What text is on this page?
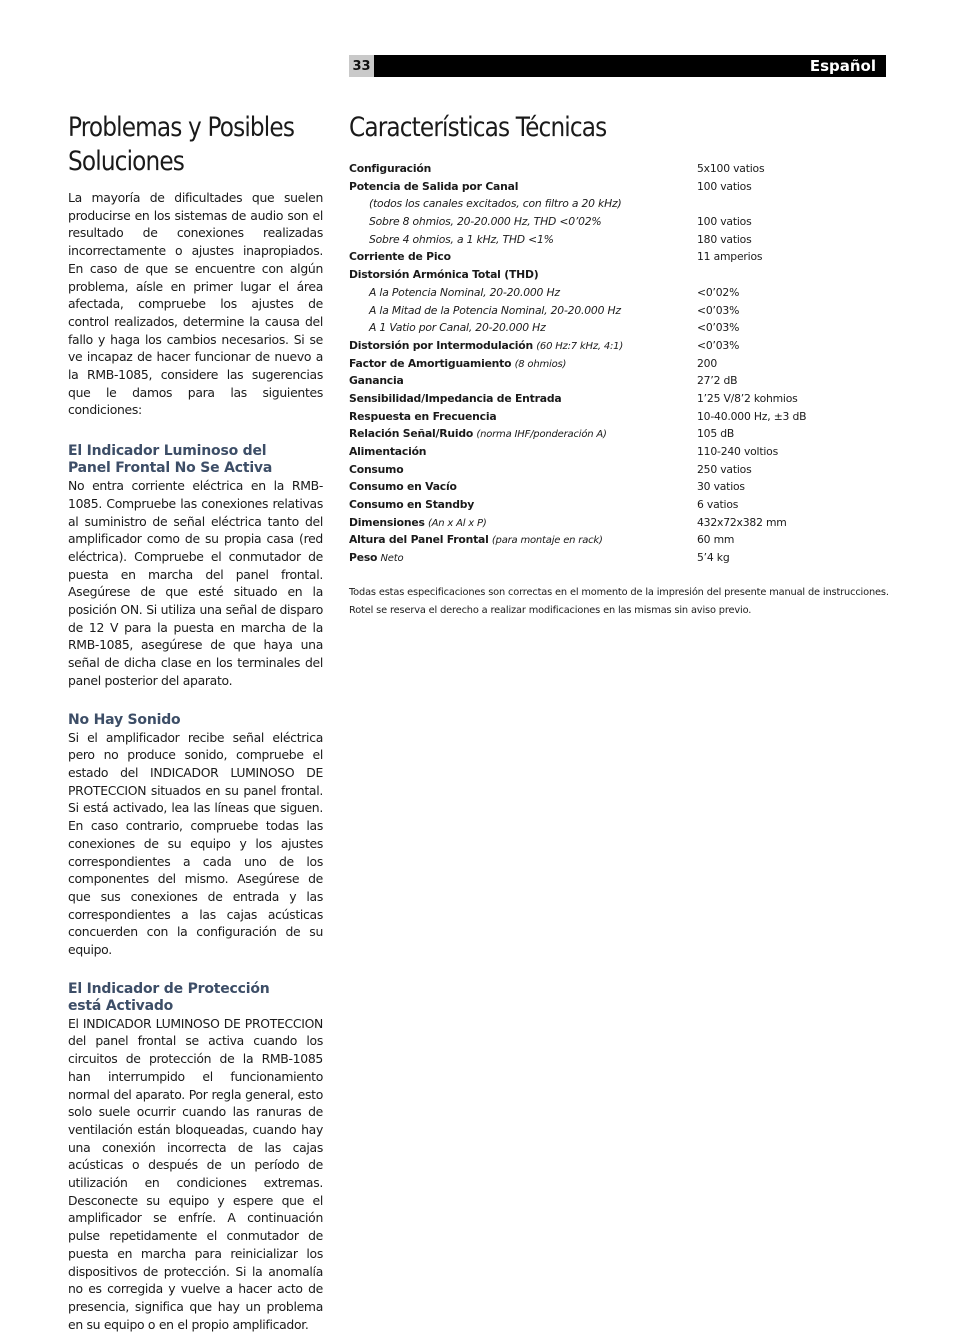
33	Español
Problemas y Posibles
Soluciones
Características Técnicas

La mayoría de dificultades que suelen producirse en los sistemas de audio son el resultado de conexiones realizadas incorrectamente o ajustes inapropiados. En caso de que se encuentre con algún problema, aísle en primer lugar el área afectada, compruebe los ajustes de control realizados, determine la causa del fallo y haga los cambios necesarios. Si se ve incapaz de hacer funcionar de nuevo a la RMB-1085, considere las sugerencias que le damos para las siguientes condiciones:

El Indicador Luminoso del
Panel Frontal No Se Activa

No entra corriente eléctrica en la RMB-1085. Compruebe las conexiones relativas al suministro de señal eléctrica tanto del amplificador como de su propia casa (red eléctrica). Compruebe el conmutador de puesta en marcha del panel frontal. Asegúrese de que esté situado en la posición ON. Si utiliza una señal de disparo de 12 V para la puesta en marcha de la RMB-1085, asegúrese de que haya una señal de dicha clase en los terminales del panel posterior del aparato.

No Hay Sonido

Si el amplificador recibe señal eléctrica pero no produce sonido, compruebe el estado del INDICADOR LUMINOSO DE PROTECCION situados en su panel frontal. Si está activado, lea las líneas que siguen. En caso contrario, compruebe todas las conexiones de su equipo y los ajustes correspondientes a cada uno de los componentes del mismo. Asegúrese de que sus conexiones de entrada y las correspondientes a las cajas acústicas concuerden con la configuración de su equipo.

El Indicador de Protección
está Activado

El INDICADOR LUMINOSO DE PROTECCION del panel frontal se activa cuando los circuitos de protección de la RMB-1085 han interrumpido el funcionamiento normal del aparato. Por regla general, esto solo suele ocurrir cuando las ranuras de ventilación están bloqueadas, cuando hay una conexión incorrecta de las cajas acústicas o después de un período de utilización en condiciones extremas. Desconecte su equipo y espere que el amplificador se enfríe. A continuación pulse repetidamente el conmutador de puesta en marcha para reinicializar los dispositivos de protección. Si la anomalía no es corregida y vuelve a hacer acto de presencia, significa que hay un problema en su equipo o en el propio amplificador.

Configuración	5x100 vatios
Potencia de Salida por Canal	100 vatios
(todos los canales excitados, con filtro a 20 kHz)
Sobre 8 ohmios, 20-20.000 Hz, THD <0’02%	100 vatios
Sobre 4 ohmios, a 1 kHz, THD <1%	180 vatios
Corriente de Pico	11 amperios
Distorsión Armónica Total (THD)
A la Potencia Nominal, 20-20.000 Hz	<0’02%
A la Mitad de la Potencia Nominal, 20-20.000 Hz	<0’03%
A 1 Vatio por Canal, 20-20.000 Hz	<0’03%
Distorsión por Intermodulación (60 Hz:7 kHz, 4:1)	<0’03%
Factor de Amortiguamiento (8 ohmios)	200
Ganancia	27’2 dB
Sensibilidad/Impedancia de Entrada	1’25 V/8’2 kohmios
Respuesta en Frecuencia	10-40.000 Hz, ±3 dB
Relación Señal/Ruido (norma IHF/ponderación A)	105 dB
Alimentación	110-240 voltios
Consumo	250 vatios
Consumo en Vacío	30 vatios
Consumo en Standby	6 vatios
Dimensiones (An x Al x P)	432x72x382 mm
Altura del Panel Frontal (para montaje en rack)	60 mm
Peso Neto	5’4 kg

Todas estas especificaciones son correctas en el momento de la impresión del presente manual de instrucciones.

Rotel se reserva el derecho a realizar modificaciones en las mismas sin aviso previo.
